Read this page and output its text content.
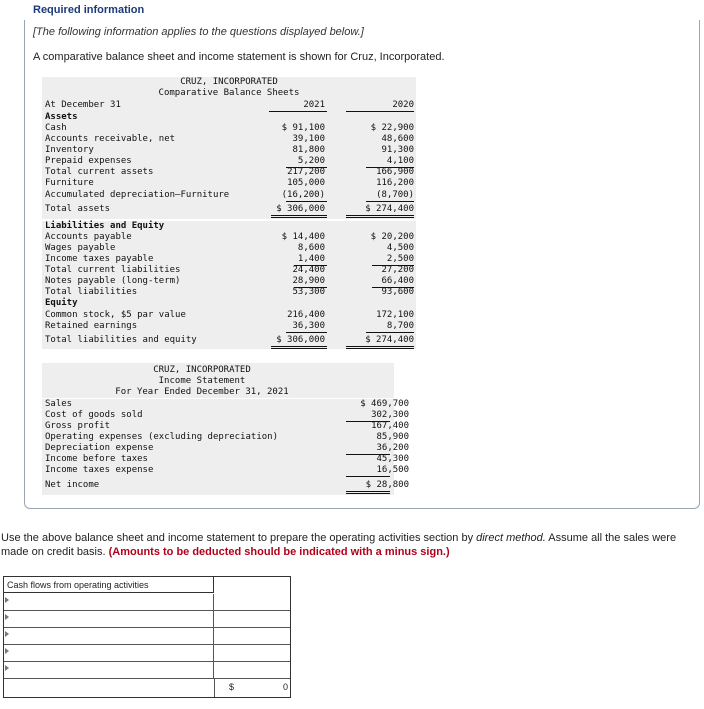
Required information
[The following information applies to the questions displayed below.]
A comparative balance sheet and income statement is shown for Cruz, Incorporated.
CRUZ, INCORPORATED
Comparative Balance Sheets
At December 31	2021	2020
Assets
Cash	$ 91,100	$ 22,900
Accounts receivable, net	39,100	48,600
Inventory	81,800	91,300
Prepaid expenses	5,200	4,100
Total current assets	217,200	166,900
Furniture	105,000	116,200
Accumulated depreciation—Furniture	(16,200)	(8,700)
Total assets	$ 306,000	$ 274,400
Liabilities and Equity
Accounts payable	$ 14,400	$ 20,200
Wages payable	8,600	4,500
Income taxes payable	1,400	2,500
Total current liabilities	24,400	27,200
Notes payable (long-term)	28,900	66,400
Total liabilities	53,300	93,600
Equity
Common stock, $5 par value	216,400	172,100
Retained earnings	36,300	8,700
Total liabilities and equity	$ 306,000	$ 274,400
CRUZ, INCORPORATED
Income Statement
For Year Ended December 31, 2021
Sales	$ 469,700
Cost of goods sold	302,300
Gross profit	167,400
Operating expenses (excluding depreciation)	85,900
Depreciation expense	36,200
Income before taxes	45,300
Income taxes expense	16,500
Net income	$ 28,800
Use the above balance sheet and income statement to prepare the operating activities section by direct method. Assume all the sales were made on credit basis. (Amounts to be deducted should be indicated with a minus sign.)
Cash flows from operating activities
$	0
